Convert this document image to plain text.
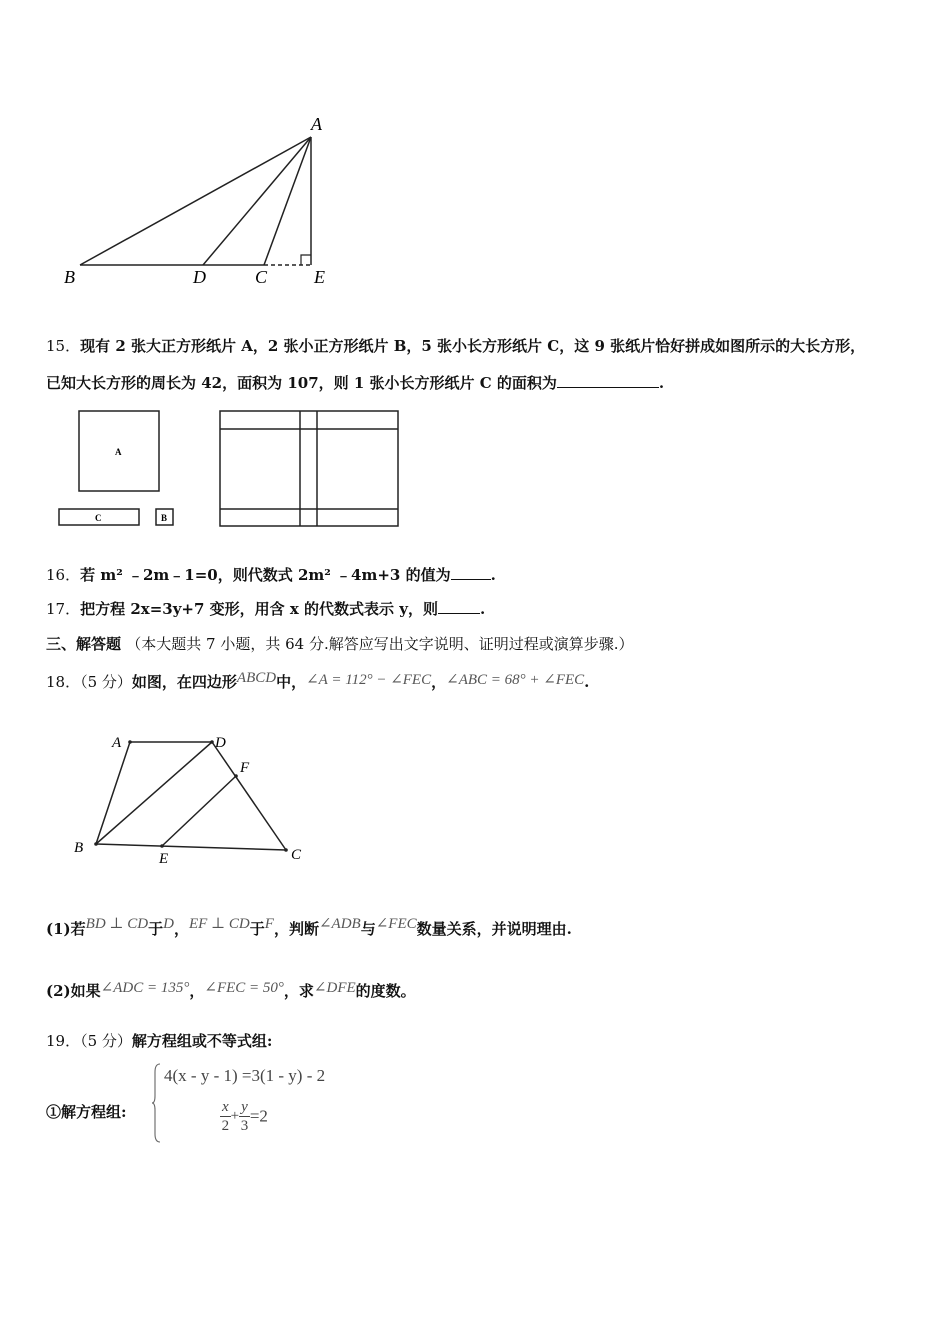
A
B	D	C	E
15．现有 2 张大正方形纸片 A，2 张小正方形纸片 B，5 张小长方形纸片 C，这 9 张纸片恰好拼成如图所示的大长方形，
已知大长方形的周长为 42，面积为 107，则 1 张小长方形纸片 C 的面积为	.
A
C	B
16．若 m² ﹣2m﹣1=0，则代数式 2m² ﹣4m+3 的值为	.
17．把方程 2x=3y+7 变形，用含 x 的代数式表示 y，则	.
三、解答题 （本大题共 7 小题，共 64 分.解答应写出文字说明、证明过程或演算步骤.）
18．（5 分）如图，在四边形ABCD中，∠A = 112° − ∠FEC，∠ABC = 68° + ∠FEC.
A	D
F
B
E	C
(1)若BD ⊥ CD于D，EF ⊥ CD于F，判断∠ADB与∠FEC数量关系，并说明理由.
(2)如果∠ADC = 135°，∠FEC = 50°，求∠DFE的度数。
19．（5 分）解方程组或不等式组:
①解方程组:
4(x - y - 1) =3(1 - y) - 2
$\frac{x}{2} + \frac{y}{3} =2$
